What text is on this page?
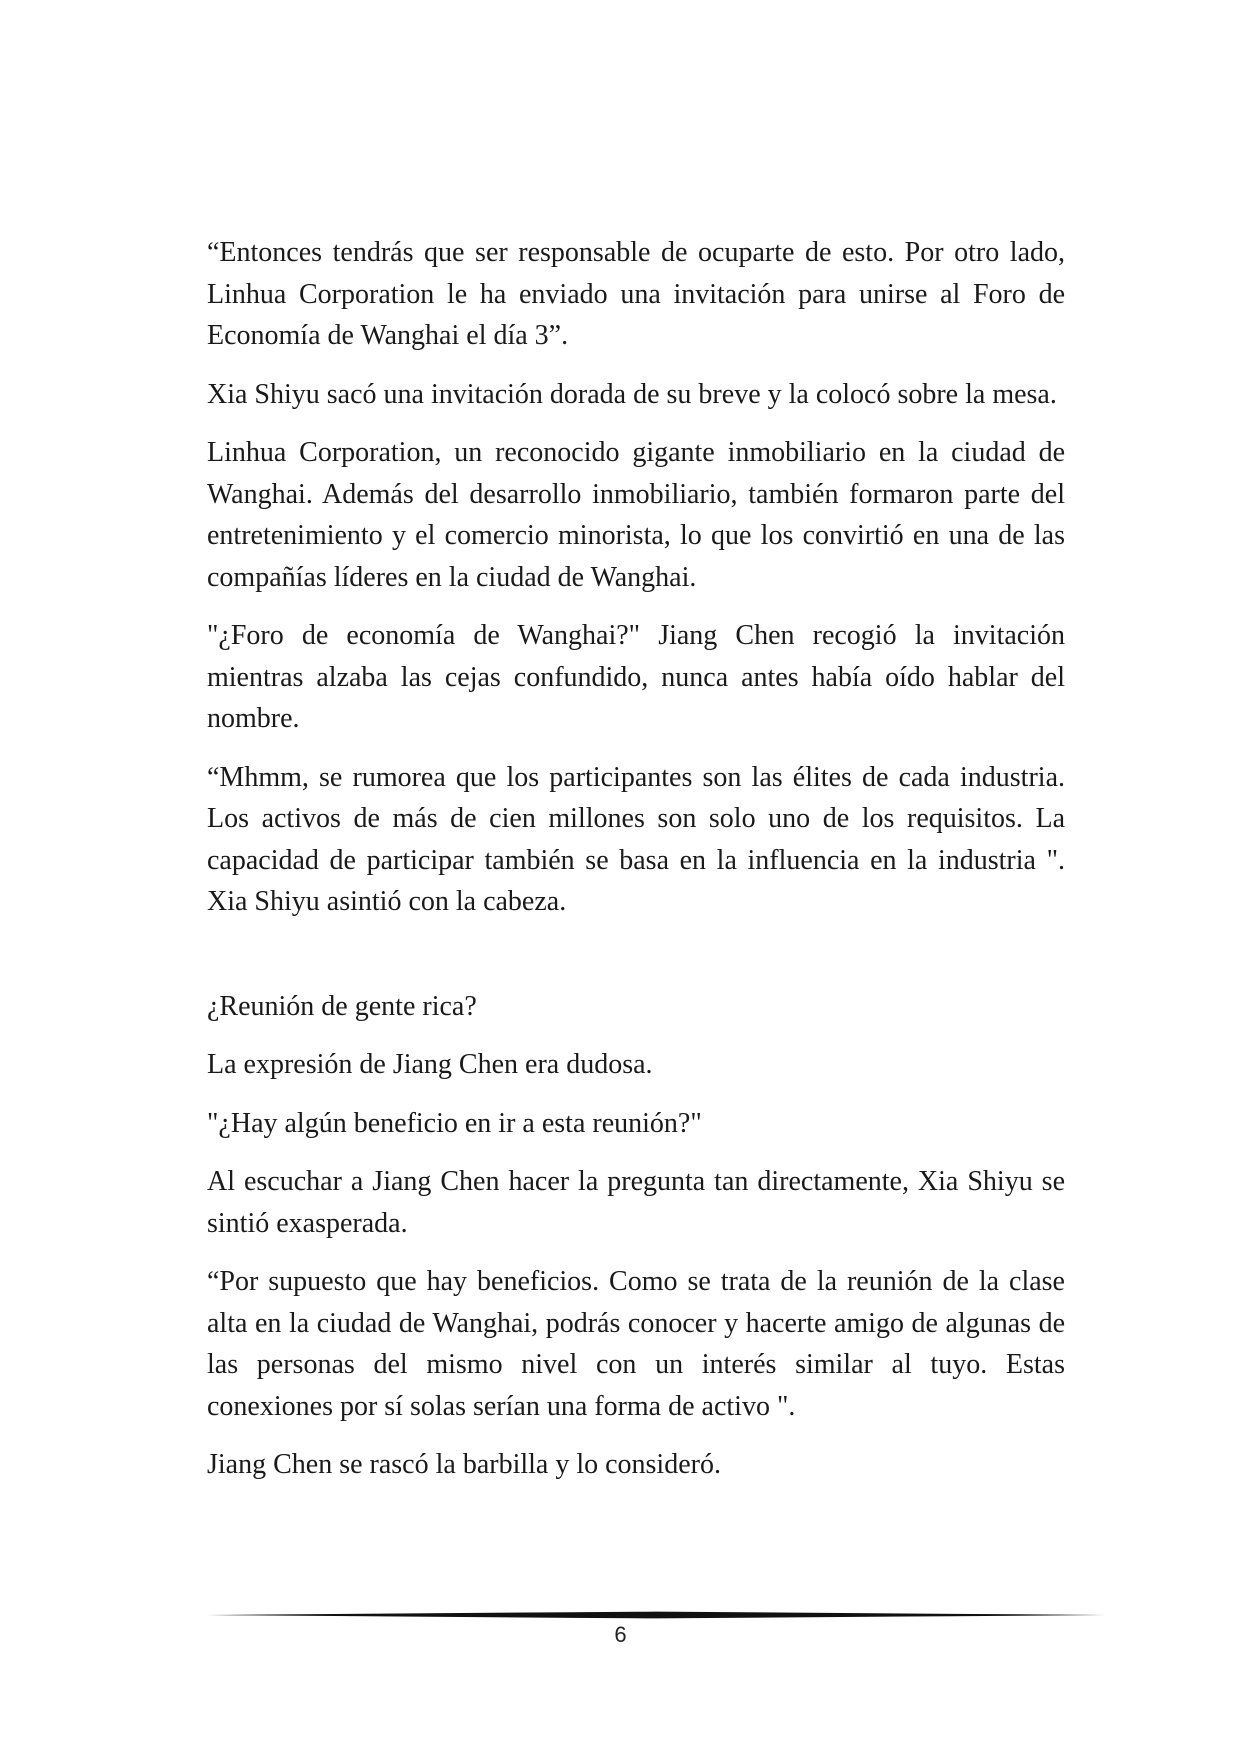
“Entonces tendrás que ser responsable de ocuparte de esto. Por otro lado, Linhua Corporation le ha enviado una invitación para unirse al Foro de Economía de Wanghai el día 3”.

Xia Shiyu sacó una invitación dorada de su breve y la colocó sobre la mesa.

Linhua Corporation, un reconocido gigante inmobiliario en la ciudad de Wanghai. Además del desarrollo inmobiliario, también formaron parte del entretenimiento y el comercio minorista, lo que los convirtió en una de las compañías líderes en la ciudad de Wanghai.

"¿Foro de economía de Wanghai?" Jiang Chen recogió la invitación mientras alzaba las cejas confundido, nunca antes había oído hablar del nombre.

“Mhmm, se rumorea que los participantes son las élites de cada industria. Los activos de más de cien millones son solo uno de los requisitos. La capacidad de participar también se basa en la influencia en la industria ". Xia Shiyu asintió con la cabeza.

¿Reunión de gente rica?

La expresión de Jiang Chen era dudosa.

"¿Hay algún beneficio en ir a esta reunión?"

Al escuchar a Jiang Chen hacer la pregunta tan directamente, Xia Shiyu se sintió exasperada.

“Por supuesto que hay beneficios. Como se trata de la reunión de la clase alta en la ciudad de Wanghai, podrás conocer y hacerte amigo de algunas de las personas del mismo nivel con un interés similar al tuyo. Estas conexiones por sí solas serían una forma de activo ".

Jiang Chen se rascó la barbilla y lo consideró.

6
